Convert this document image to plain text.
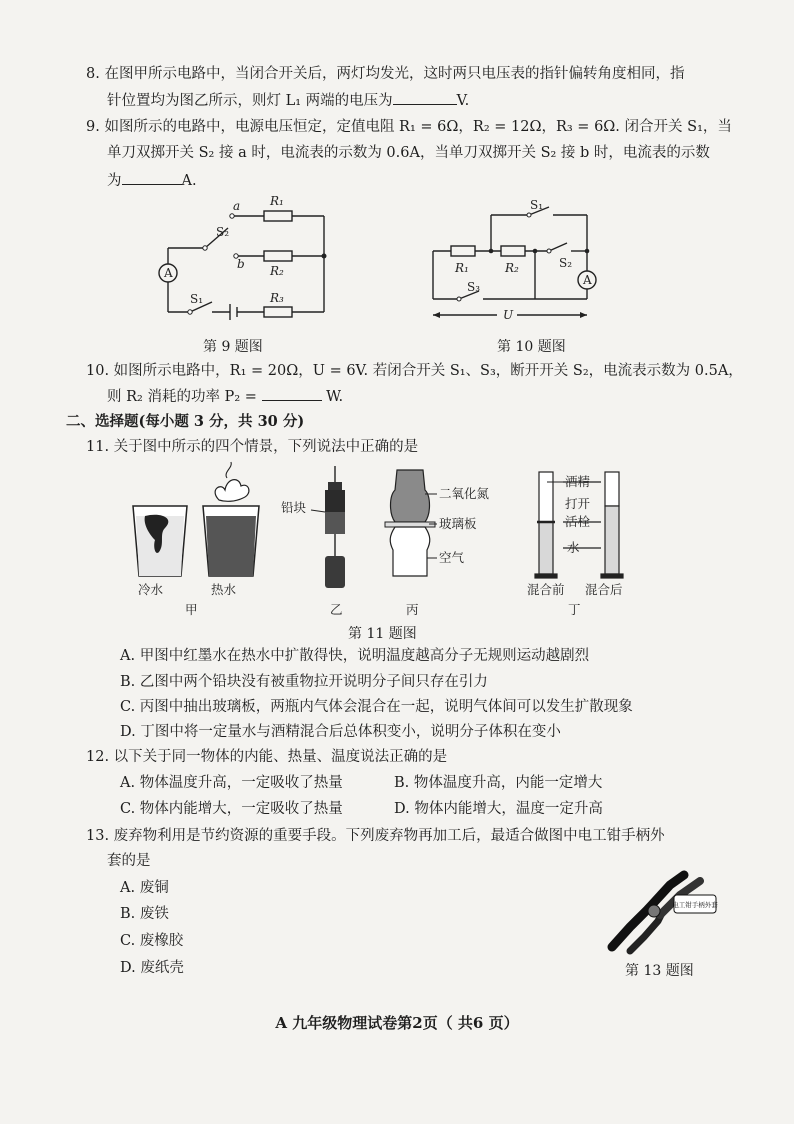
8. 在图甲所示电路中，当闭合开关后，两灯均发光，这时两只电压表的指针偏转角度相同，指
针位置均为图乙所示，则灯 L₁ 两端的电压为	V.
9. 如图所示的电路中，电源电压恒定，定值电阻 R₁ = 6Ω，R₂ = 12Ω，R₃ = 6Ω. 闭合开关 S₁，当
单刀双掷开关 S₂ 接 a 时，电流表的示数为 0.6A，当单刀双掷开关 S₂ 接 b 时，电流表的示数
为	A.
A
a
b
S₂
S₁
R₁
R₂
R₃
第 9 题图
S₁
S₂
S₃
R₁	R₂
U
A
第 10 题图
10. 如图所示电路中，R₁ = 20Ω，U = 6V. 若闭合开关 S₁、S₃，断开开关 S₂，电流表示数为 0.5A，
则 R₂ 消耗的功率 P₂ =	W.
二、选择题(每小题 3 分，共 30 分)
11. 关于图中所示的四个情景，下列说法中正确的是
铅块
二氧化氮
玻璃板
空气
酒精
打开
活栓
水
冷水	热水	混合前 混合后
甲	乙	丙	丁
第 11 题图
A. 甲图中红墨水在热水中扩散得快，说明温度越高分子无规则运动越剧烈
B. 乙图中两个铅块没有被重物拉开说明分子间只存在引力
C. 丙图中抽出玻璃板，两瓶内气体会混合在一起，说明气体间可以发生扩散现象
D. 丁图中将一定量水与酒精混合后总体积变小，说明分子体积在变小
12. 以下关于同一物体的内能、热量、温度说法正确的是
A. 物体温度升高，一定吸收了热量	B. 物体温度升高，内能一定增大
C. 物体内能增大，一定吸收了热量	D. 物体内能增大，温度一定升高
13. 废弃物利用是节约资源的重要手段。下列废弃物再加工后，最适合做图中电工钳手柄外
套的是
A. 废铜
B. 废铁
C. 废橡胶
D. 废纸壳
电工钳手柄外套
第 13 题图
A 九年级物理试卷第2页（ 共6 页）
